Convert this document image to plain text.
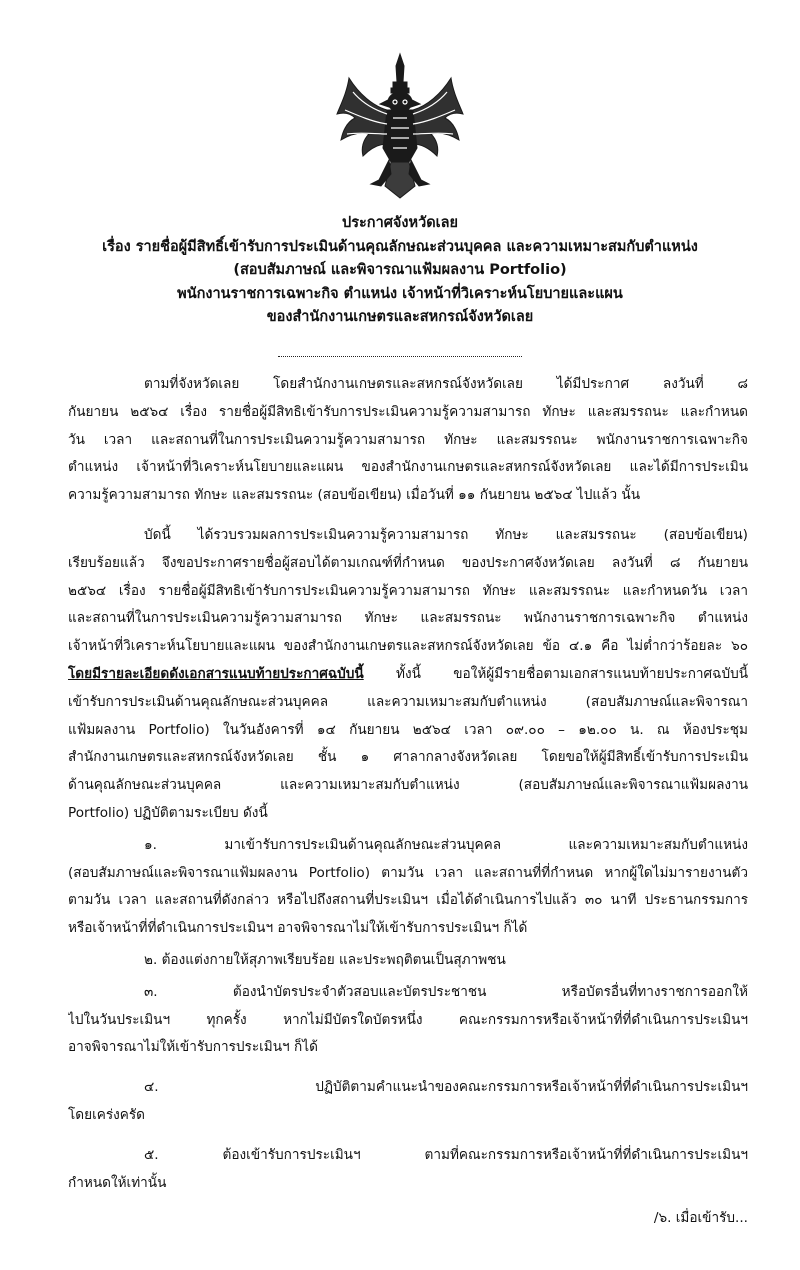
ประกาศจังหวัดเลย
เรื่อง รายชื่อผู้มีสิทธิ์เข้ารับการประเมินด้านคุณลักษณะส่วนบุคคล และความเหมาะสมกับตำแหน่ง
(สอบสัมภาษณ์ และพิจารณาแฟ้มผลงาน Portfolio)
พนักงานราชการเฉพาะกิจ ตำแหน่ง เจ้าหน้าที่วิเคราะห์นโยบายและแผน
ของสำนักงานเกษตรและสหกรณ์จังหวัดเลย
ตามที่จังหวัดเลย โดยสำนักงานเกษตรและสหกรณ์จังหวัดเลย ได้มีประกาศ ลงวันที่ ๘
กันยายน ๒๕๖๔ เรื่อง รายชื่อผู้มีสิทธิเข้ารับการประเมินความรู้ความสามารถ ทักษะ และสมรรถนะ และกำหนด
วัน เวลา และสถานที่ในการประเมินความรู้ความสามารถ ทักษะ และสมรรถนะ พนักงานราชการเฉพาะกิจ
ตำแหน่ง เจ้าหน้าที่วิเคราะห์นโยบายและแผน ของสำนักงานเกษตรและสหกรณ์จังหวัดเลย และได้มีการประเมิน
ความรู้ความสามารถ ทักษะ และสมรรถนะ (สอบข้อเขียน) เมื่อวันที่ ๑๑ กันยายน ๒๕๖๔ ไปแล้ว นั้น
บัดนี้ ได้รวบรวมผลการประเมินความรู้ความสามารถ ทักษะ และสมรรถนะ (สอบข้อเขียน)
เรียบร้อยแล้ว จึงขอประกาศรายชื่อผู้สอบได้ตามเกณฑ์ที่กำหนด ของประกาศจังหวัดเลย ลงวันที่ ๘ กันยายน
๒๕๖๔ เรื่อง รายชื่อผู้มีสิทธิเข้ารับการประเมินความรู้ความสามารถ ทักษะ และสมรรถนะ และกำหนดวัน เวลา
และสถานที่ในการประเมินความรู้ความสามารถ ทักษะ และสมรรถนะ พนักงานราชการเฉพาะกิจ ตำแหน่ง
เจ้าหน้าที่วิเคราะห์นโยบายและแผน ของสำนักงานเกษตรและสหกรณ์จังหวัดเลย ข้อ ๔.๑ คือ ไม่ต่ำกว่าร้อยละ ๖๐
โดยมีรายละเอียดดังเอกสารแนบท้ายประกาศฉบับนี้ ทั้งนี้ ขอให้ผู้มีรายชื่อตามเอกสารแนบท้ายประกาศฉบับนี้
เข้ารับการประเมินด้านคุณลักษณะส่วนบุคคล และความเหมาะสมกับตำแหน่ง (สอบสัมภาษณ์และพิจารณา
แฟ้มผลงาน Portfolio) ในวันอังคารที่ ๑๔ กันยายน ๒๕๖๔ เวลา ๐๙.๐๐ – ๑๒.๐๐ น. ณ ห้องประชุม
สำนักงานเกษตรและสหกรณ์จังหวัดเลย ชั้น ๑ ศาลากลางจังหวัดเลย โดยขอให้ผู้มีสิทธิ์เข้ารับการประเมิน
ด้านคุณลักษณะส่วนบุคคล และความเหมาะสมกับตำแหน่ง (สอบสัมภาษณ์และพิจารณาแฟ้มผลงาน
Portfolio) ปฏิบัติตามระเบียบ ดังนี้
๑. มาเข้ารับการประเมินด้านคุณลักษณะส่วนบุคคล และความเหมาะสมกับตำแหน่ง
(สอบสัมภาษณ์และพิจารณาแฟ้มผลงาน Portfolio) ตามวัน เวลา และสถานที่ที่กำหนด หากผู้ใดไม่มารายงานตัว
ตามวัน เวลา และสถานที่ดังกล่าว หรือไปถึงสถานที่ประเมินฯ เมื่อได้ดำเนินการไปแล้ว ๓๐ นาที ประธานกรรมการ
หรือเจ้าหน้าที่ที่ดำเนินการประเมินฯ อาจพิจารณาไม่ให้เข้ารับการประเมินฯ ก็ได้
๒. ต้องแต่งกายให้สุภาพเรียบร้อย และประพฤติตนเป็นสุภาพชน
๓. ต้องนำบัตรประจำตัวสอบและบัตรประชาชน หรือบัตรอื่นที่ทางราชการออกให้
ไปในวันประเมินฯ ทุกครั้ง หากไม่มีบัตรใดบัตรหนึ่ง คณะกรรมการหรือเจ้าหน้าที่ที่ดำเนินการประเมินฯ
อาจพิจารณาไม่ให้เข้ารับการประเมินฯ ก็ได้
๔. ปฏิบัติตามคำแนะนำของคณะกรรมการหรือเจ้าหน้าที่ที่ดำเนินการประเมินฯ
โดยเคร่งครัด
๕. ต้องเข้ารับการประเมินฯ ตามที่คณะกรรมการหรือเจ้าหน้าที่ที่ดำเนินการประเมินฯ
กำหนดให้เท่านั้น
/๖. เมื่อเข้ารับ...
